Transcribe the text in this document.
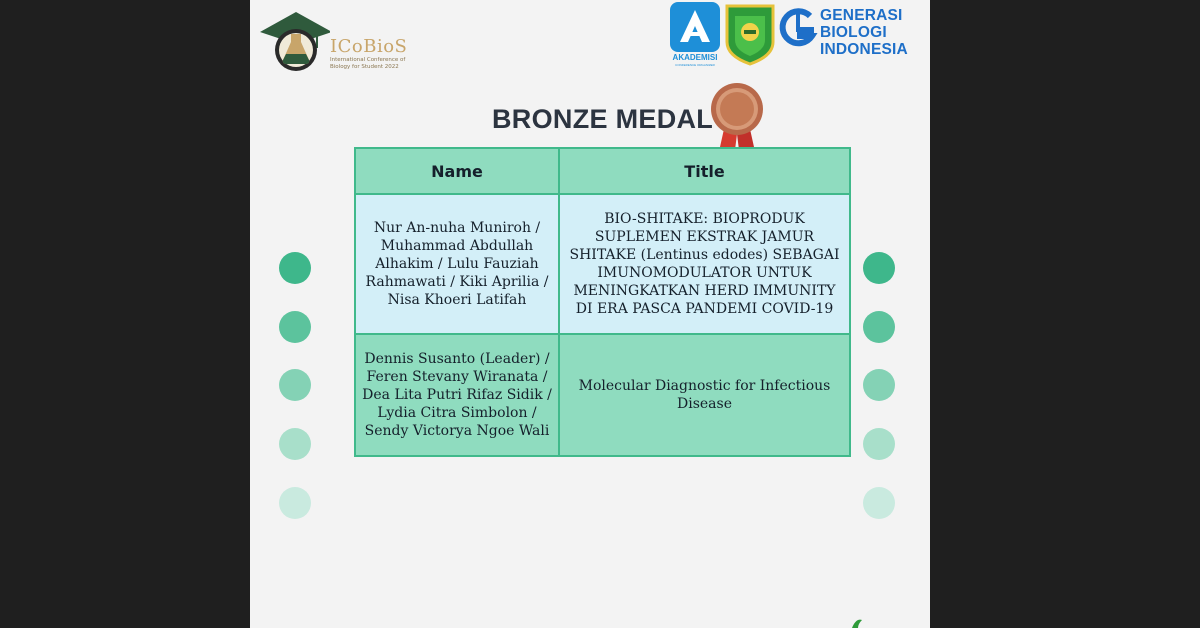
ICoBioS
International Conference of
Biology for Student 2022
AKADEMISI
CONFERENCE ORGANIZER
GENERASI
BIOLOGI
INDONESIA
BRONZE MEDAL
Name	Title
Nur An-nuha Muniroh / Muhammad Abdullah Alhakim / Lulu Fauziah Rahmawati / Kiki Aprilia / Nisa Khoeri Latifah	BIO-SHITAKE: BIOPRODUK SUPLEMEN EKSTRAK JAMUR SHITAKE (Lentinus edodes) SEBAGAI IMUNOMODULATOR UNTUK MENINGKATKAN HERD IMMUNITY DI ERA PASCA PANDEMI COVID-19
Dennis Susanto (Leader) / Feren Stevany Wiranata / Dea Lita Putri Rifaz Sidik / Lydia Citra Simbolon / Sendy Victorya Ngoe Wali	Molecular Diagnostic for Infectious Disease
